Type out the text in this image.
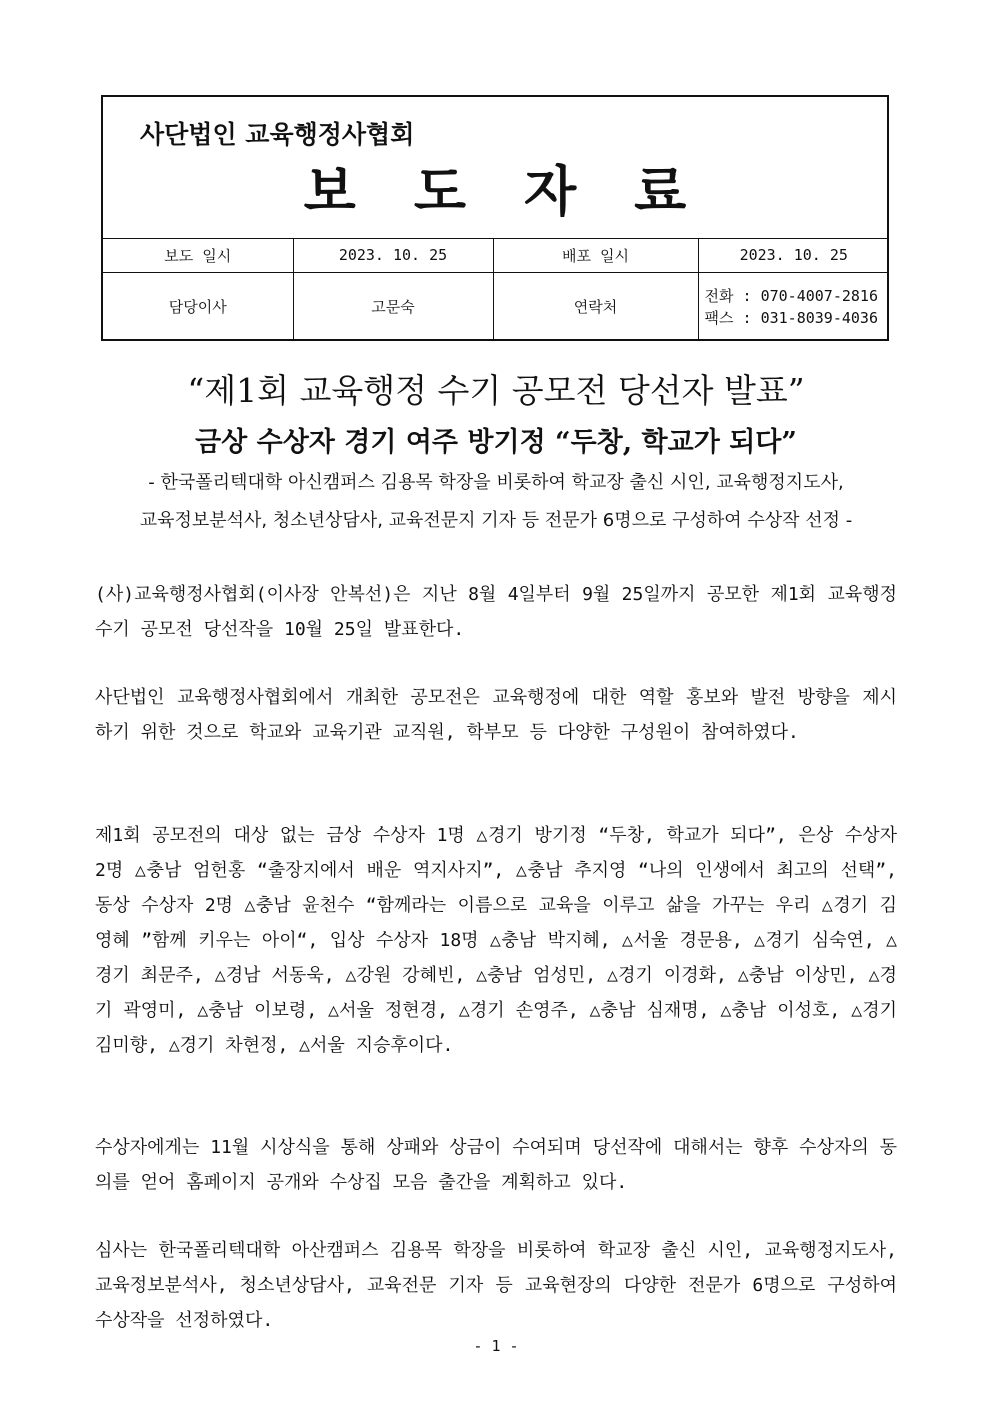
사단법인 교육행정사협회
보도자료
보도 일시	2023. 10. 25	배포 일시	2023. 10. 25
담당이사	고문숙	연락처	전화 : 070-4007-2816
팩스 : 031-8039-4036
“제1회 교육행정 수기 공모전 당선자 발표”
금상 수상자 경기 여주 방기정 “두창, 학교가 되다”
- 한국폴리텍대학 아신캠퍼스 김용목 학장을 비롯하여 학교장 출신 시인, 교육행정지도사,
교육정보분석사, 청소년상담사, 교육전문지 기자 등 전문가 6명으로 구성하여 수상작 선정 -

(사)교육행정사협회(이사장 안복선)은 지난 8월 4일부터 9월 25일까지 공모한 제1회 교육행정 수기 공모전 당선작을 10월 25일 발표한다.

사단법인 교육행정사협회에서 개최한 공모전은 교육행정에 대한 역할 홍보와 발전 방향을 제시하기 위한 것으로 학교와 교육기관 교직원, 학부모 등 다양한 구성원이 참여하였다.

제1회 공모전의 대상 없는 금상 수상자 1명 △경기 방기정 “두창, 학교가 되다”, 은상 수상자 2명 △충남 엄헌홍 “출장지에서 배운 역지사지”, △충남 추지영 “나의 인생에서 최고의 선택”, 동상 수상자 2명 △충남 윤천수 “함께라는 이름으로 교육을 이루고 삶을 가꾸는 우리 △경기 김영혜 ”함께 키우는 아이“, 입상 수상자 18명 △충남 박지혜, △서울 경문용, △경기 심숙연, △경기 최문주, △경남 서동욱, △강원 강혜빈, △충남 엄성민, △경기 이경화, △충남 이상민, △경기 곽영미, △충남 이보령, △서울 정현경, △경기 손영주, △충남 심재명, △충남 이성호, △경기 김미향, △경기 차현정, △서울 지승후이다.

수상자에게는 11월 시상식을 통해 상패와 상금이 수여되며 당선작에 대해서는 향후 수상자의 동의를 얻어 홈페이지 공개와 수상집 모음 출간을 계획하고 있다.

심사는 한국폴리텍대학 아산캠퍼스 김용목 학장을 비롯하여 학교장 출신 시인, 교육행정지도사, 교육정보분석사, 청소년상담사, 교육전문 기자 등 교육현장의 다양한 전문가 6명으로 구성하여 수상작을 선정하였다.

- 1 -
